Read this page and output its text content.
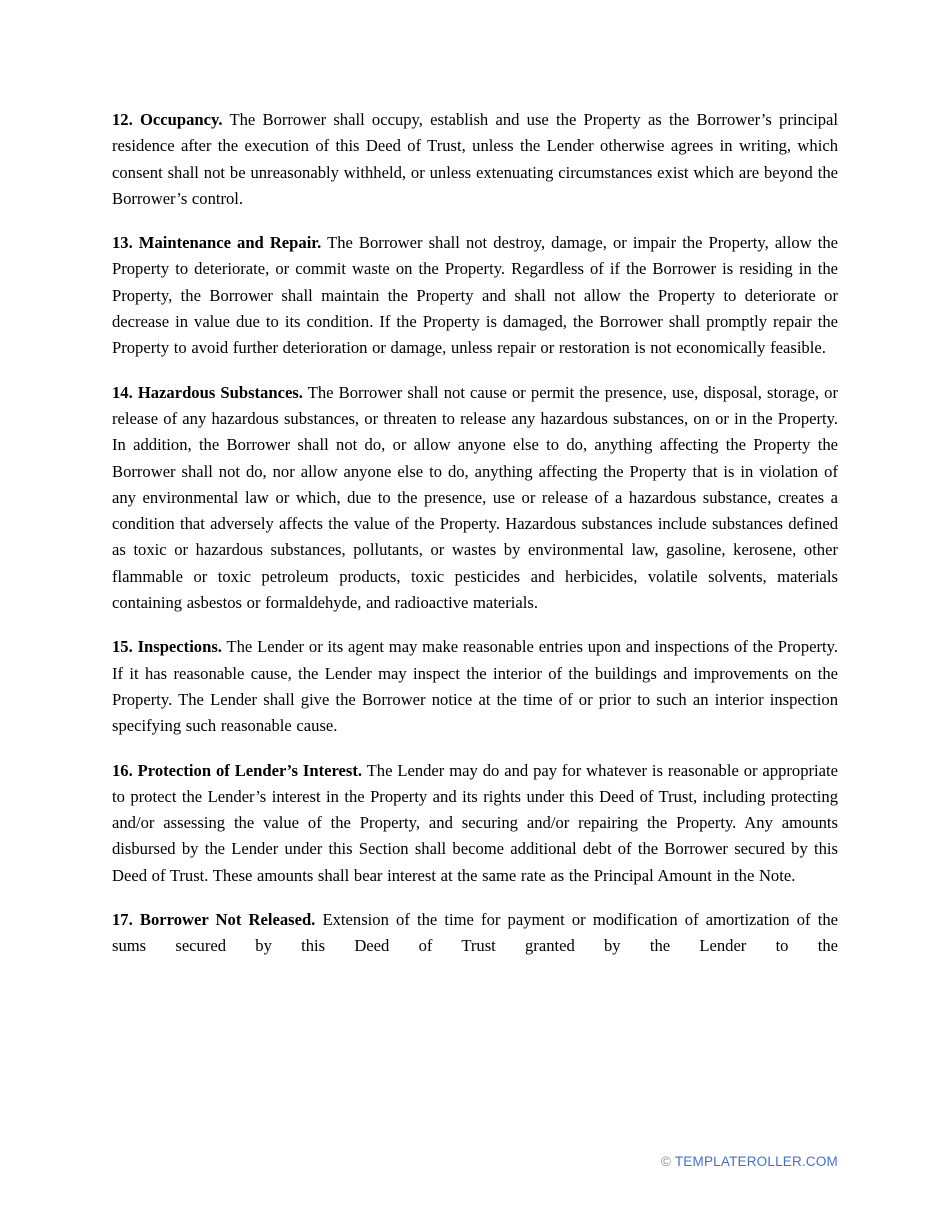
12. Occupancy. The Borrower shall occupy, establish and use the Property as the Borrower’s principal residence after the execution of this Deed of Trust, unless the Lender otherwise agrees in writing, which consent shall not be unreasonably withheld, or unless extenuating circumstances exist which are beyond the Borrower’s control.

13. Maintenance and Repair. The Borrower shall not destroy, damage, or impair the Property, allow the Property to deteriorate, or commit waste on the Property. Regardless of if the Borrower is residing in the Property, the Borrower shall maintain the Property and shall not allow the Property to deteriorate or decrease in value due to its condition. If the Property is damaged, the Borrower shall promptly repair the Property to avoid further deterioration or damage, unless repair or restoration is not economically feasible.

14. Hazardous Substances. The Borrower shall not cause or permit the presence, use, disposal, storage, or release of any hazardous substances, or threaten to release any hazardous substances, on or in the Property. In addition, the Borrower shall not do, or allow anyone else to do, anything affecting the Property the Borrower shall not do, nor allow anyone else to do, anything affecting the Property that is in violation of any environmental law or which, due to the presence, use or release of a hazardous substance, creates a condition that adversely affects the value of the Property. Hazardous substances include substances defined as toxic or hazardous substances, pollutants, or wastes by environmental law, gasoline, kerosene, other flammable or toxic petroleum products, toxic pesticides and herbicides, volatile solvents, materials containing asbestos or formaldehyde, and radioactive materials.

15. Inspections. The Lender or its agent may make reasonable entries upon and inspections of the Property. If it has reasonable cause, the Lender may inspect the interior of the buildings and improvements on the Property. The Lender shall give the Borrower notice at the time of or prior to such an interior inspection specifying such reasonable cause.

16. Protection of Lender’s Interest. The Lender may do and pay for whatever is reasonable or appropriate to protect the Lender’s interest in the Property and its rights under this Deed of Trust, including protecting and/or assessing the value of the Property, and securing and/or repairing the Property. Any amounts disbursed by the Lender under this Section shall become additional debt of the Borrower secured by this Deed of Trust. These amounts shall bear interest at the same rate as the Principal Amount in the Note.

17. Borrower Not Released. Extension of the time for payment or modification of amortization of the sums secured by this Deed of Trust granted by the Lender to the

© TEMPLATEROLLER.COM
